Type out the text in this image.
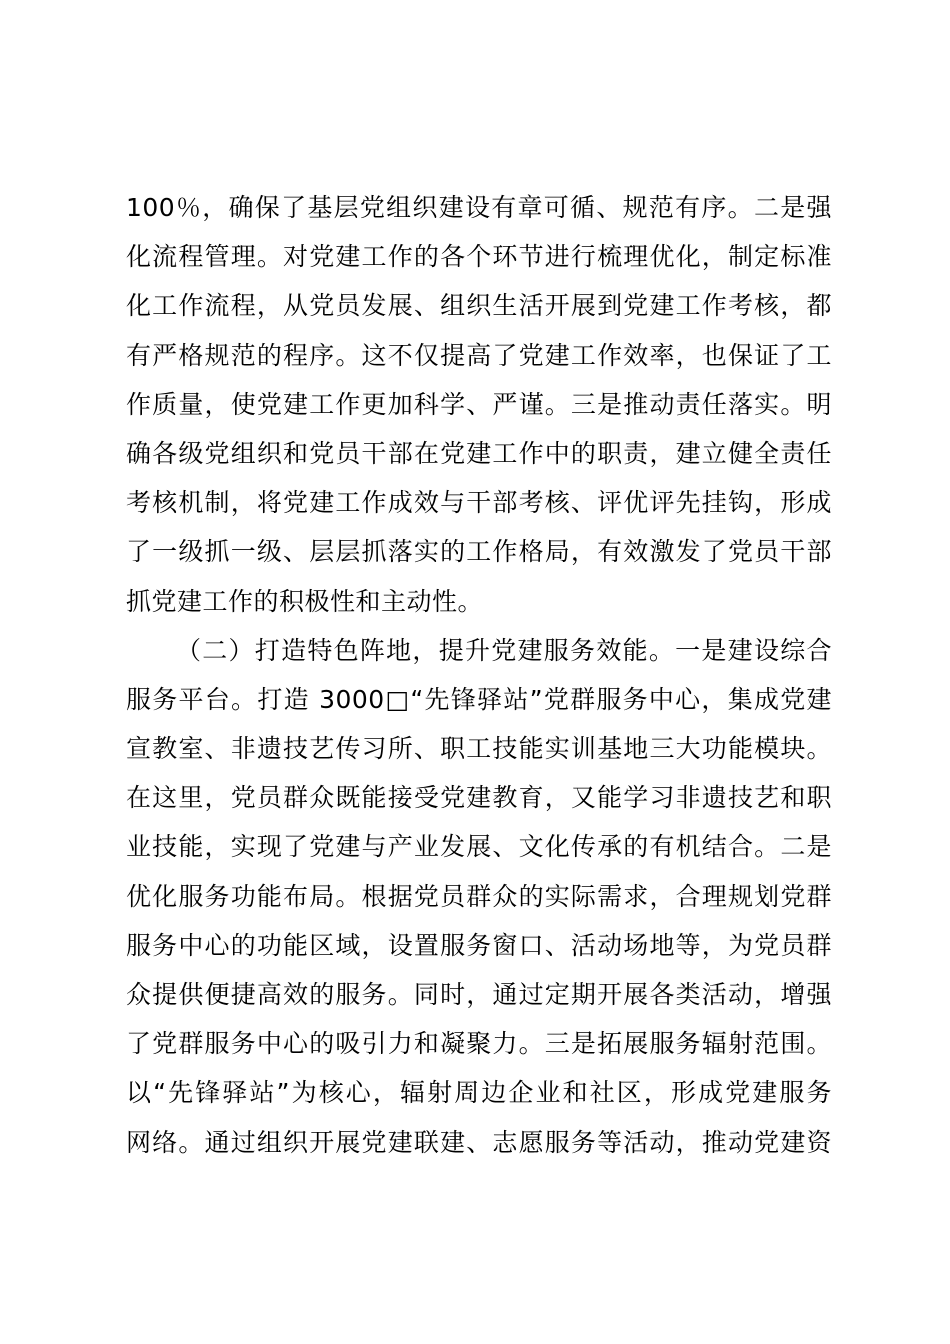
100％，确保了基层党组织建设有章可循、规范有序。二是强
化流程管理。对党建工作的各个环节进行梳理优化，制定标准
化工作流程，从党员发展、组织生活开展到党建工作考核，都
有严格规范的程序。这不仅提高了党建工作效率，也保证了工
作质量，使党建工作更加科学、严谨。三是推动责任落实。明
确各级党组织和党员干部在党建工作中的职责，建立健全责任
考核机制，将党建工作成效与干部考核、评优评先挂钩，形成
了一级抓一级、层层抓落实的工作格局，有效激发了党员干部
抓党建工作的积极性和主动性。
（二）打造特色阵地，提升党建服务效能。一是建设综合
服务平台。打造 3000□“先锋驿站”党群服务中心，集成党建
宣教室、非遗技艺传习所、职工技能实训基地三大功能模块。
在这里，党员群众既能接受党建教育，又能学习非遗技艺和职
业技能，实现了党建与产业发展、文化传承的有机结合。二是
优化服务功能布局。根据党员群众的实际需求，合理规划党群
服务中心的功能区域，设置服务窗口、活动场地等，为党员群
众提供便捷高效的服务。同时，通过定期开展各类活动，增强
了党群服务中心的吸引力和凝聚力。三是拓展服务辐射范围。
以“先锋驿站”为核心，辐射周边企业和社区，形成党建服务
网络。通过组织开展党建联建、志愿服务等活动，推动党建资
